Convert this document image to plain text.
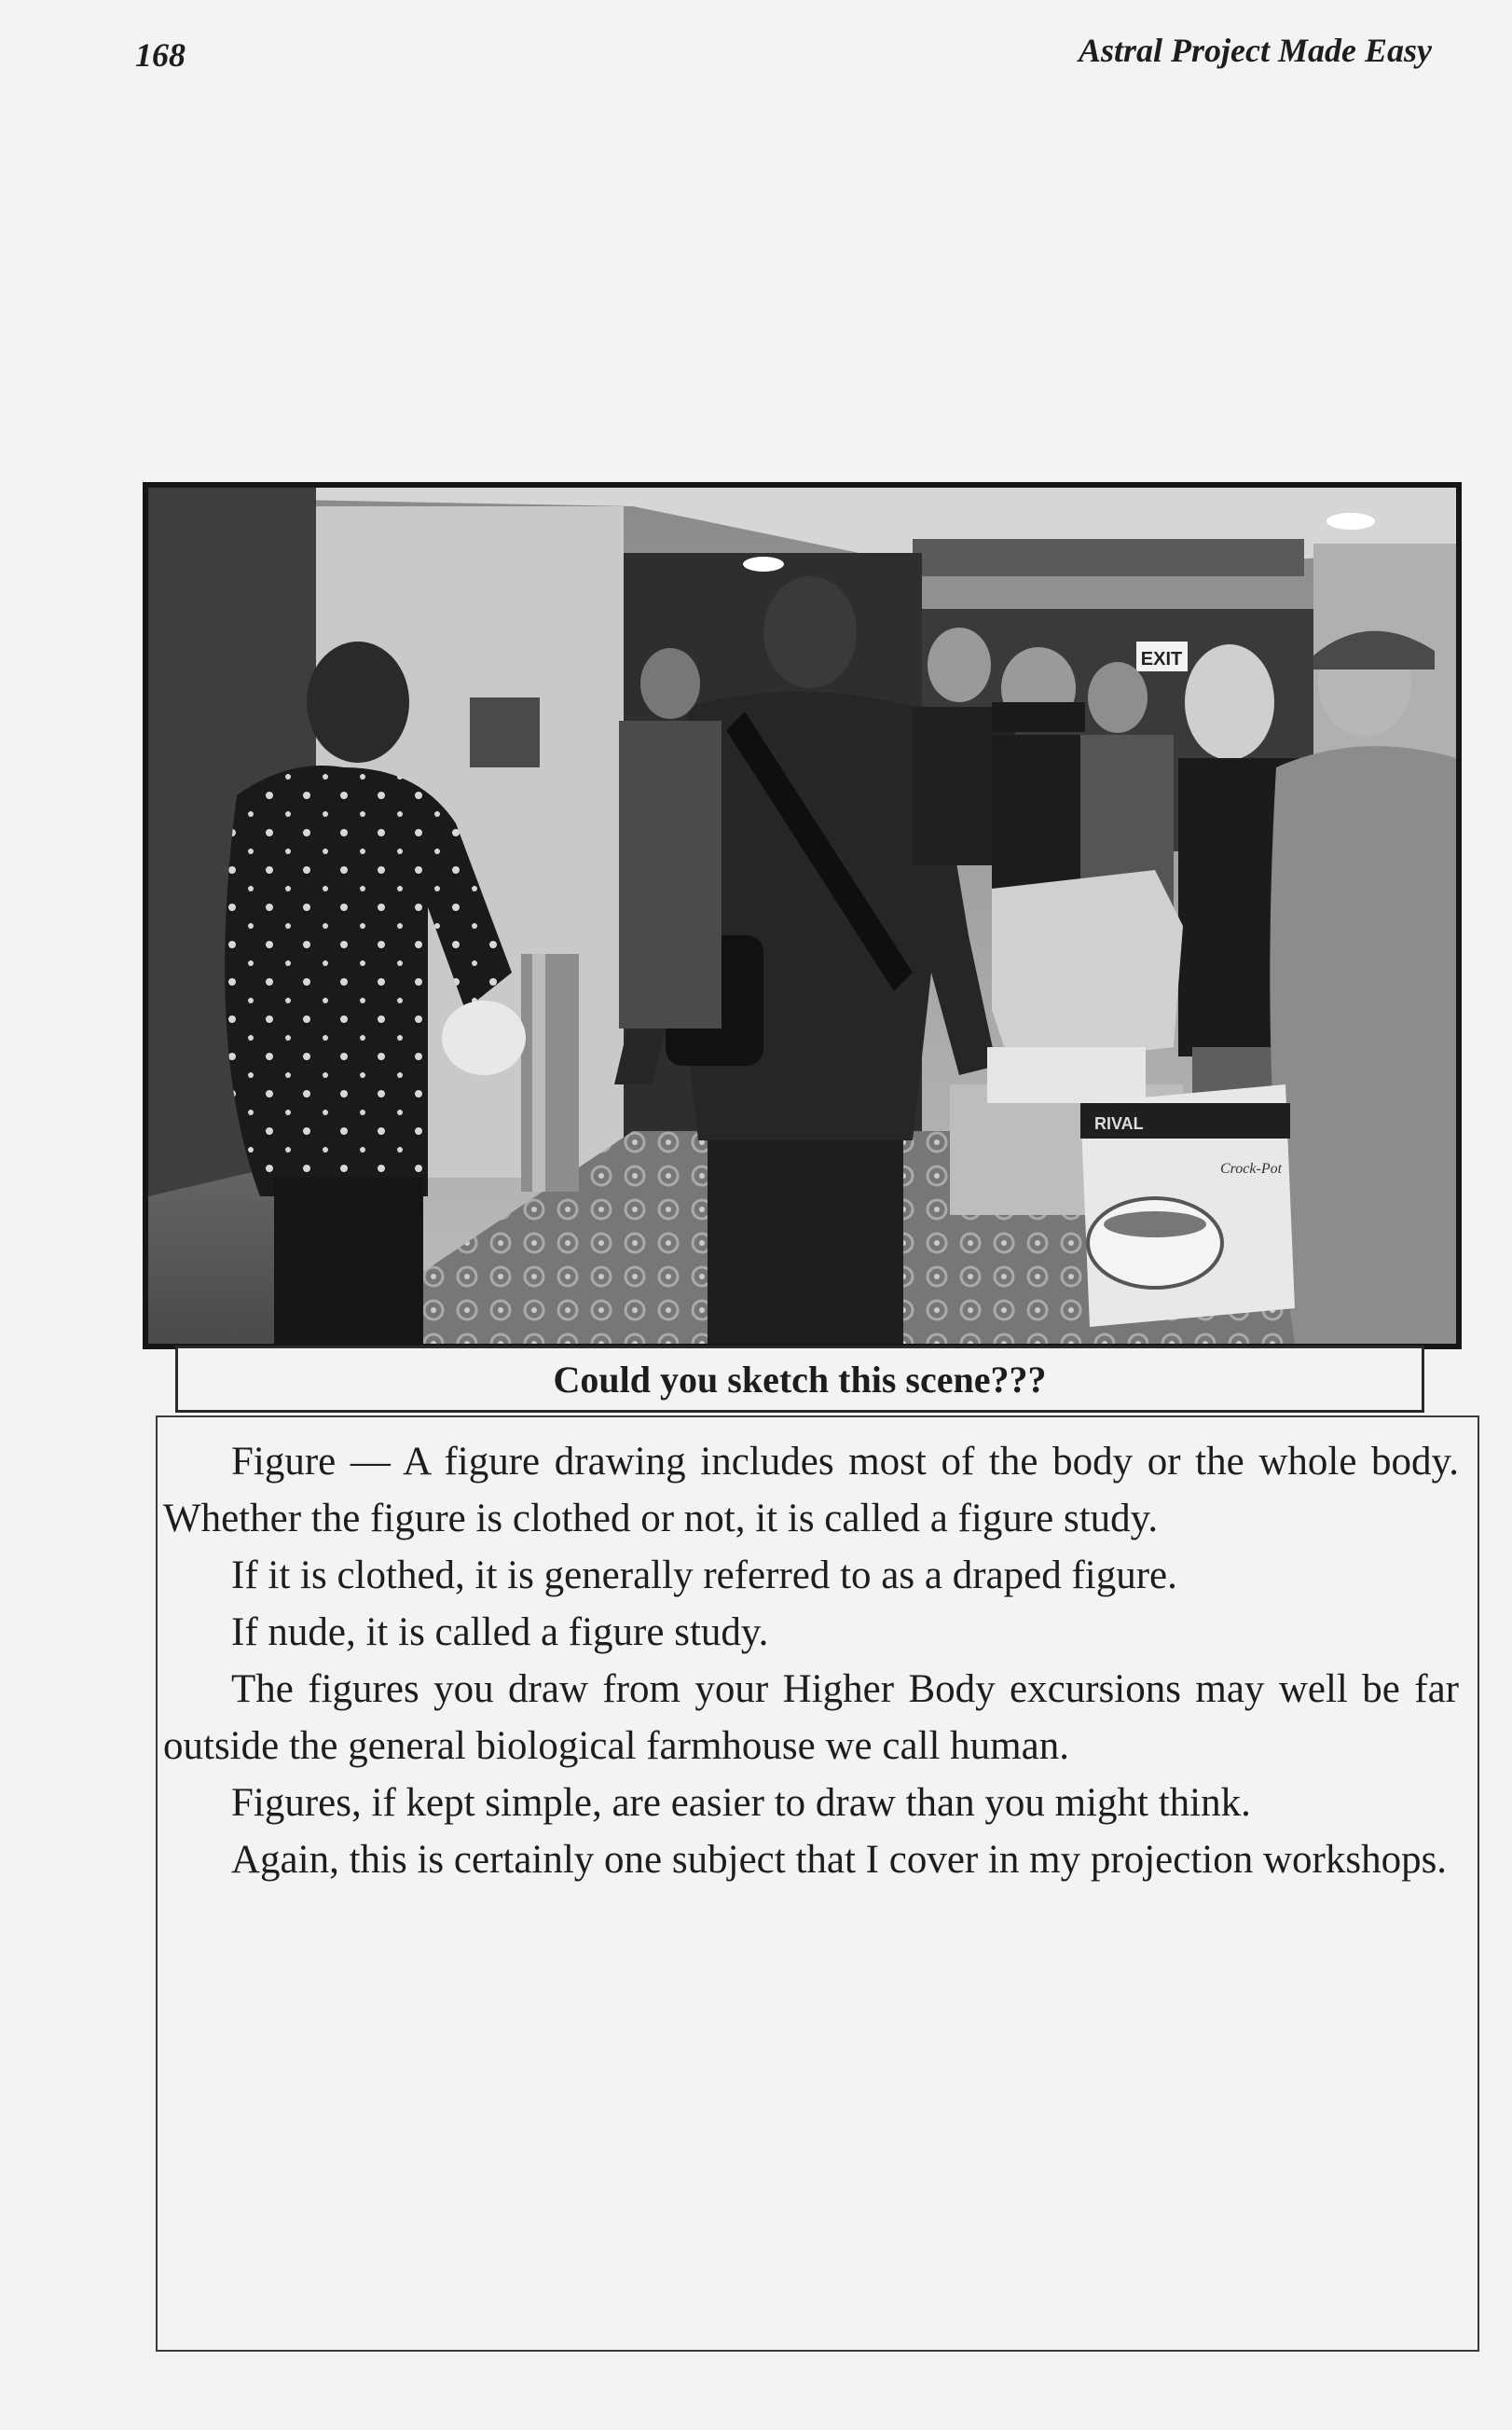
168	Astral Project Made Easy
EXIT
RIVAL
Crock-Pot
Could you sketch this scene???

Figure — A figure drawing includes most of the body or the whole body. Whether the figure is clothed or not, it is called a figure study.

If it is clothed, it is generally referred to as a draped figure.

If nude, it is called a figure study.

The figures you draw from your Higher Body excursions may well be far outside the general biological farmhouse we call human.

Figures, if kept simple, are easier to draw than you might think.

Again, this is certainly one subject that I cover in my projection workshops.
